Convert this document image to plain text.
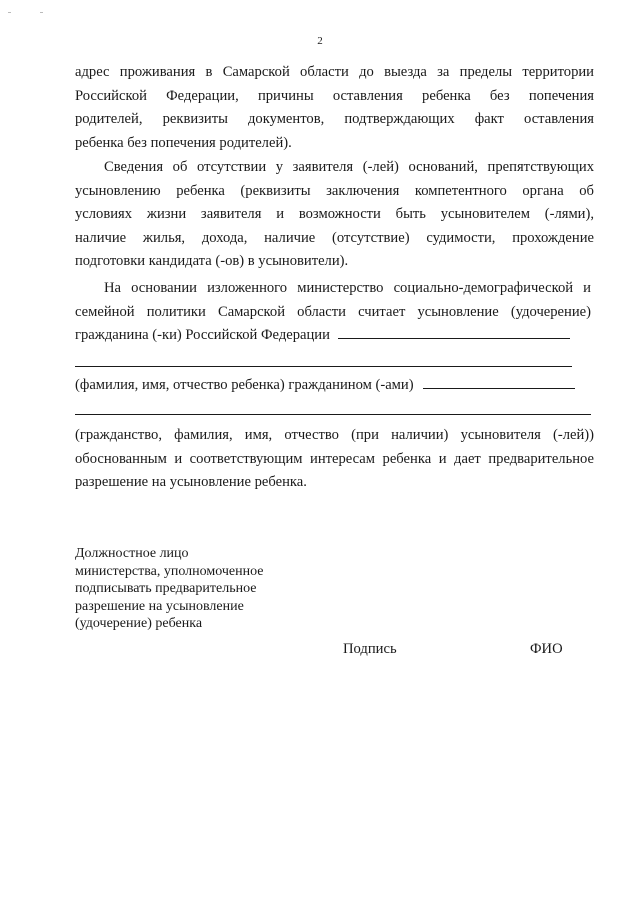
2
адрес проживания в Самарской области до выезда за пределы территории
Российской Федерации, причины оставления ребенка без попечения
родителей, реквизиты документов, подтверждающих факт оставления
ребенка без попечения родителей).
Сведения об отсутствии у заявителя (-лей) оснований, препятствующих
усыновлению ребенка (реквизиты заключения компетентного органа об
условиях жизни заявителя и возможности быть усыновителем (-лями),
наличие жилья, дохода, наличие (отсутствие) судимости, прохождение
подготовки кандидата (-ов) в усыновители).
На основании изложенного министерство социально-демографической и
семейной политики Самарской области считает усыновление (удочерение)
гражданина (-ки) Российской Федерации
(фамилия, имя, отчество ребенка) гражданином (-ами)
(гражданство, фамилия, имя, отчество (при наличии) усыновителя (-лей))
обоснованным и соответствующим интересам ребенка и дает предварительное
разрешение на усыновление ребенка.
Должностное лицо
министерства, уполномоченное
подписывать предварительное
разрешение на усыновление
(удочерение) ребенка
Подпись	ФИО
